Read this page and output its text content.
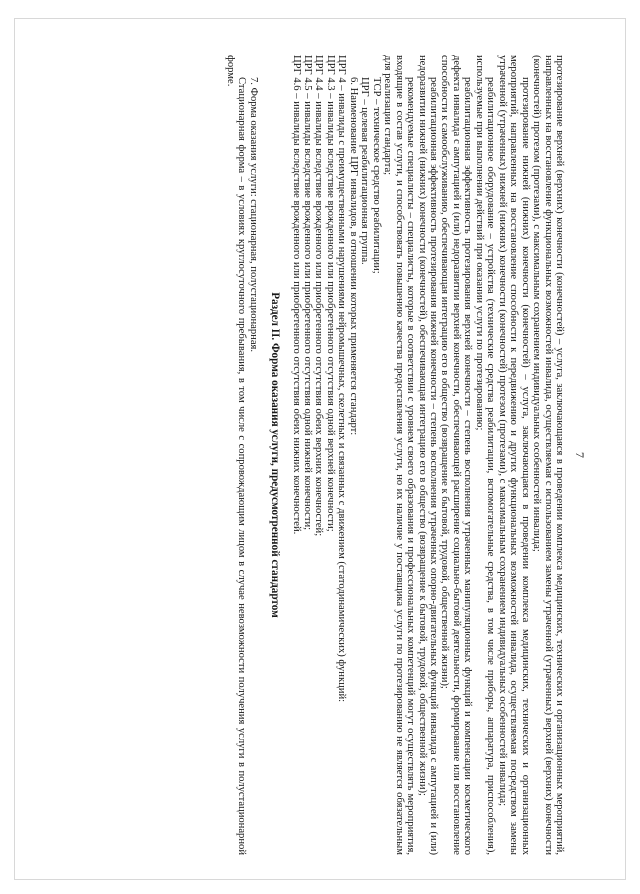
7

протезирование верхней (верхних) конечности (конечностей) – услуга, заключающаяся в проведении комплекса медицинских, технических и организационных мероприятий, направленных на восстановление функциональных возможностей инвалида, осуществляемая с использованием замены утраченной (утраченных) верхней (верхних) конечности (конечностей) протезом (протезами), с максимальным сохранением индивидуальных особенностей инвалида;

протезирование нижней (нижних) конечности (конечностей) – услуга, заключающаяся в проведении комплекса медицинских, технических и организационных мероприятий, направленных на восстановление способности к передвижению и других функциональных возможностей инвалида, осуществляемая посредством замены утраченной (утраченных) нижней (нижних) конечности (конечностей) протезом (протезами), с максимальным сохранением индивидуальных особенностей инвалида;

реабилитационное оборудование – устройства (технические средства реабилитации, вспомогательные средства, в том числе приборы, аппаратура, приспособления), используемые при выполнении действий при оказании услуги по протезированию;

реабилитационная эффективность протезирования верхней конечности – степень восполнения утраченных манипуляционных функций и компенсации косметического дефекта инвалида с ампутацией и (или) недоразвитии верхней конечности, обеспечивающей расширение социально-бытовой деятельности, формирование или восстановление способности к самообслуживанию, обеспечивающая интеграцию его в общество (возвращение к бытовой, трудовой, общественной жизни);

реабилитационная эффективность протезирования нижней конечности – степень восполнения утраченных опорно-двигательных функций инвалида с ампутацией и (или) недоразвитии нижней (нижних) конечности (конечностей), обеспечивающая интеграцию его в общество (возвращение к бытовой, трудовой, общественной жизни);

рекомендуемые специалисты – специалисты, которые в соответствии с уровнем своего образования и профессиональных компетенций могут осуществлять мероприятия, входящие в состав услуги, и способствовать повышению качества предоставления услуги, но их наличие у поставщика услуги по протезированию не является обязательным для реализации стандарта;

ТСР – техническое средство реабилитации;

ЦРГ – целевая реабилитационная группа.

6. Наименование ЦРГ инвалидов, в отношении которых применяется стандарт:

ЦРГ 4 – инвалиды с преимущественными нарушениями нейромышечных, скелетных и связанных с движением (статодинамических) функций:

ЦРГ 4.3 – инвалиды вследствие врожденного или приобретенного отсутствия одной верхней конечности;

ЦРГ 4.4 – инвалиды вследствие врожденного или приобретенного отсутствия обеих верхних конечностей;

ЦРГ 4.5 – инвалиды вследствие врожденного или приобретенного отсутствия одной нижней конечности;

ЦРГ 4.6 – инвалиды вследствие врожденного или приобретенного отсутствия обеих нижних конечностей.

Раздел II. Форма оказания услуги, предусмотренной стандартом

7. Форма оказания услуги: стационарная, полустационарная.

Стационарная форма – в условиях круглосуточного пребывания, в том числе с сопровождающим лицом в случае невозможности получения услуги в полустационарной форме.
